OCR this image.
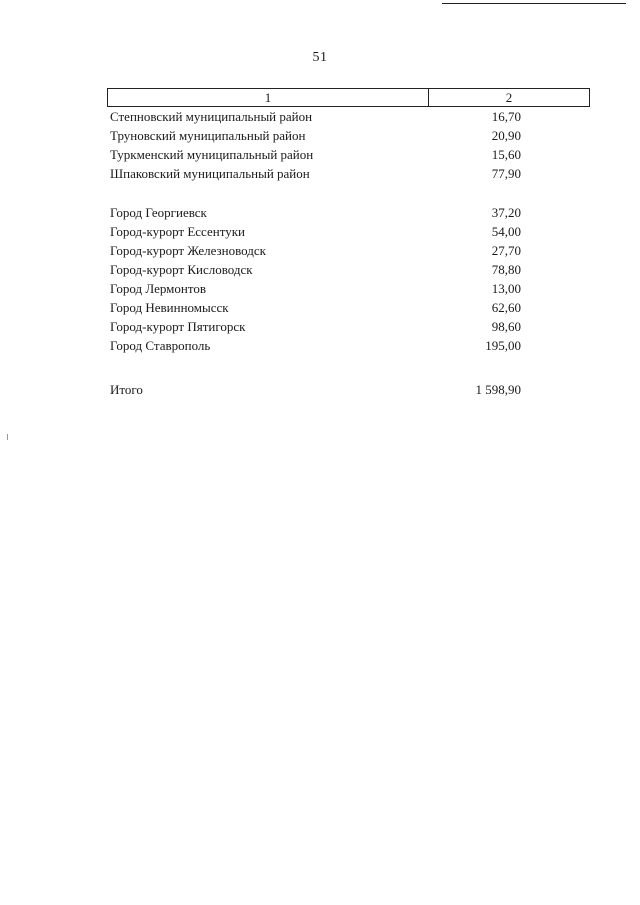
51
1	2
Степновский муниципальный район	16,70
Труновский муниципальный район	20,90
Туркменский муниципальный район	15,60
Шпаковский муниципальный район	77,90
Город Георгиевск	37,20
Город-курорт Ессентуки	54,00
Город-курорт Железноводск	27,70
Город-курорт Кисловодск	78,80
Город Лермонтов	13,00
Город Невинномысск	62,60
Город-курорт Пятигорск	98,60
Город Ставрополь	195,00
Итого	1 598,90
